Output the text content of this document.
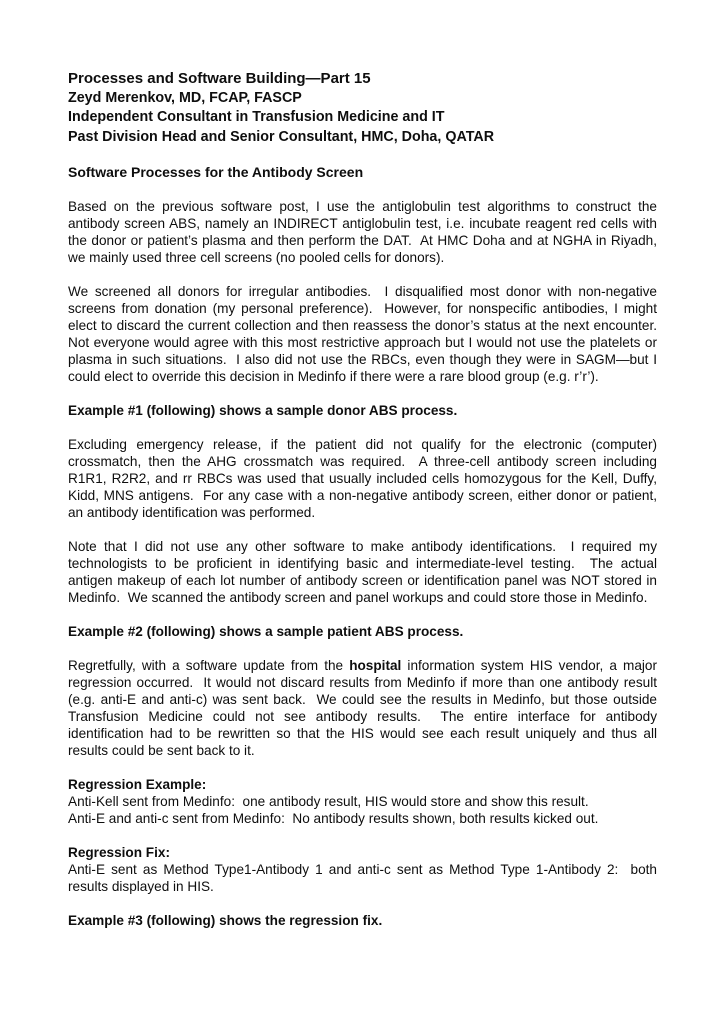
Processes and Software Building—Part 15
Zeyd Merenkov, MD, FCAP, FASCP
Independent Consultant in Transfusion Medicine and IT
Past Division Head and Senior Consultant, HMC, Doha, QATAR
Software Processes for the Antibody Screen
Based on the previous software post, I use the antiglobulin test algorithms to construct the antibody screen ABS, namely an INDIRECT antiglobulin test, i.e. incubate reagent red cells with the donor or patient’s plasma and then perform the DAT.  At HMC Doha and at NGHA in Riyadh, we mainly used three cell screens (no pooled cells for donors).
We screened all donors for irregular antibodies.  I disqualified most donor with non-negative screens from donation (my personal preference).  However, for nonspecific antibodies, I might elect to discard the current collection and then reassess the donor’s status at the next encounter.  Not everyone would agree with this most restrictive approach but I would not use the platelets or plasma in such situations.  I also did not use the RBCs, even though they were in SAGM—but I could elect to override this decision in Medinfo if there were a rare blood group (e.g. r’r’).
Example #1 (following) shows a sample donor ABS process.
Excluding emergency release, if the patient did not qualify for the electronic (computer) crossmatch, then the AHG crossmatch was required.  A three-cell antibody screen including R1R1, R2R2, and rr RBCs was used that usually included cells homozygous for the Kell, Duffy, Kidd, MNS antigens.  For any case with a non-negative antibody screen, either donor or patient, an antibody identification was performed.
Note that I did not use any other software to make antibody identifications.  I required my technologists to be proficient in identifying basic and intermediate-level testing.  The actual antigen makeup of each lot number of antibody screen or identification panel was NOT stored in Medinfo.  We scanned the antibody screen and panel workups and could store those in Medinfo.
Example #2 (following) shows a sample patient ABS process.
Regretfully, with a software update from the hospital information system HIS vendor, a major regression occurred.  It would not discard results from Medinfo if more than one antibody result (e.g. anti-E and anti-c) was sent back.  We could see the results in Medinfo, but those outside Transfusion Medicine could not see antibody results.  The entire interface for antibody identification had to be rewritten so that the HIS would see each result uniquely and thus all results could be sent back to it.
Regression Example:
Anti-Kell sent from Medinfo:  one antibody result, HIS would store and show this result.
Anti-E and anti-c sent from Medinfo:  No antibody results shown, both results kicked out.
Regression Fix:
Anti-E sent as Method Type1-Antibody 1 and anti-c sent as Method Type 1-Antibody 2:  both results displayed in HIS.
Example #3 (following) shows the regression fix.
